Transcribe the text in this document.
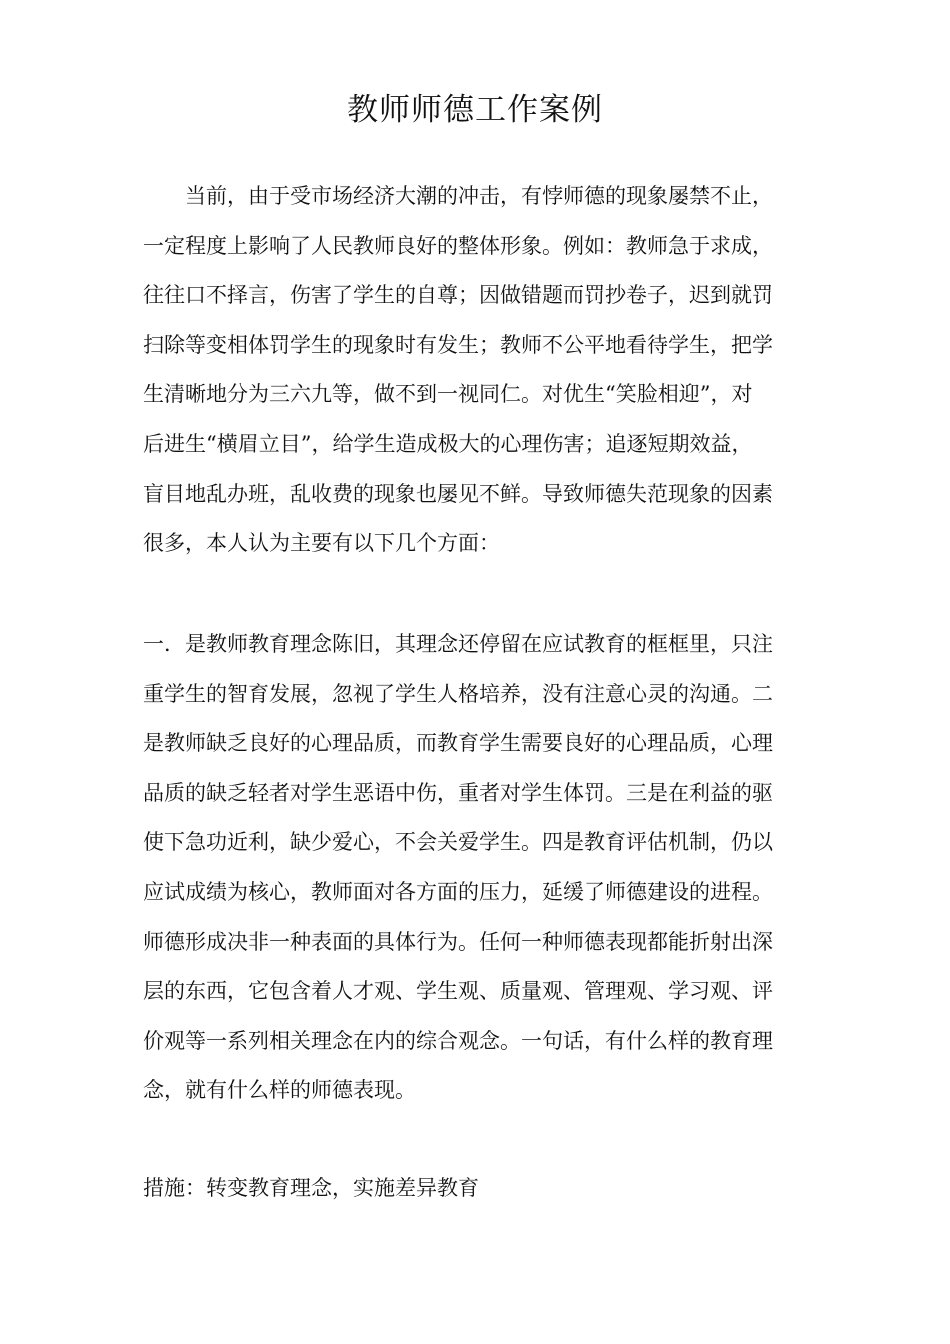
教师师德工作案例
当前，由于受市场经济大潮的冲击，有悖师德的现象屡禁不止，
一定程度上影响了人民教师良好的整体形象。例如：教师急于求成，
往往口不择言，伤害了学生的自尊；因做错题而罚抄卷子，迟到就罚
扫除等变相体罚学生的现象时有发生；教师不公平地看待学生，把学
生清晰地分为三六九等，做不到一视同仁。对优生“笑脸相迎”，对
后进生“横眉立目”，给学生造成极大的心理伤害；追逐短期效益，
盲目地乱办班，乱收费的现象也屡见不鲜。导致师德失范现象的因素
很多，本人认为主要有以下几个方面：
一．是教师教育理念陈旧，其理念还停留在应试教育的框框里，只注
重学生的智育发展，忽视了学生人格培养，没有注意心灵的沟通。二
是教师缺乏良好的心理品质，而教育学生需要良好的心理品质，心理
品质的缺乏轻者对学生恶语中伤，重者对学生体罚。三是在利益的驱
使下急功近利，缺少爱心，不会关爱学生。四是教育评估机制，仍以
应试成绩为核心，教师面对各方面的压力，延缓了师德建设的进程。
师德形成决非一种表面的具体行为。任何一种师德表现都能折射出深
层的东西，它包含着人才观、学生观、质量观、管理观、学习观、评
价观等一系列相关理念在内的综合观念。一句话，有什么样的教育理
念，就有什么样的师德表现。
措施：转变教育理念，实施差异教育
